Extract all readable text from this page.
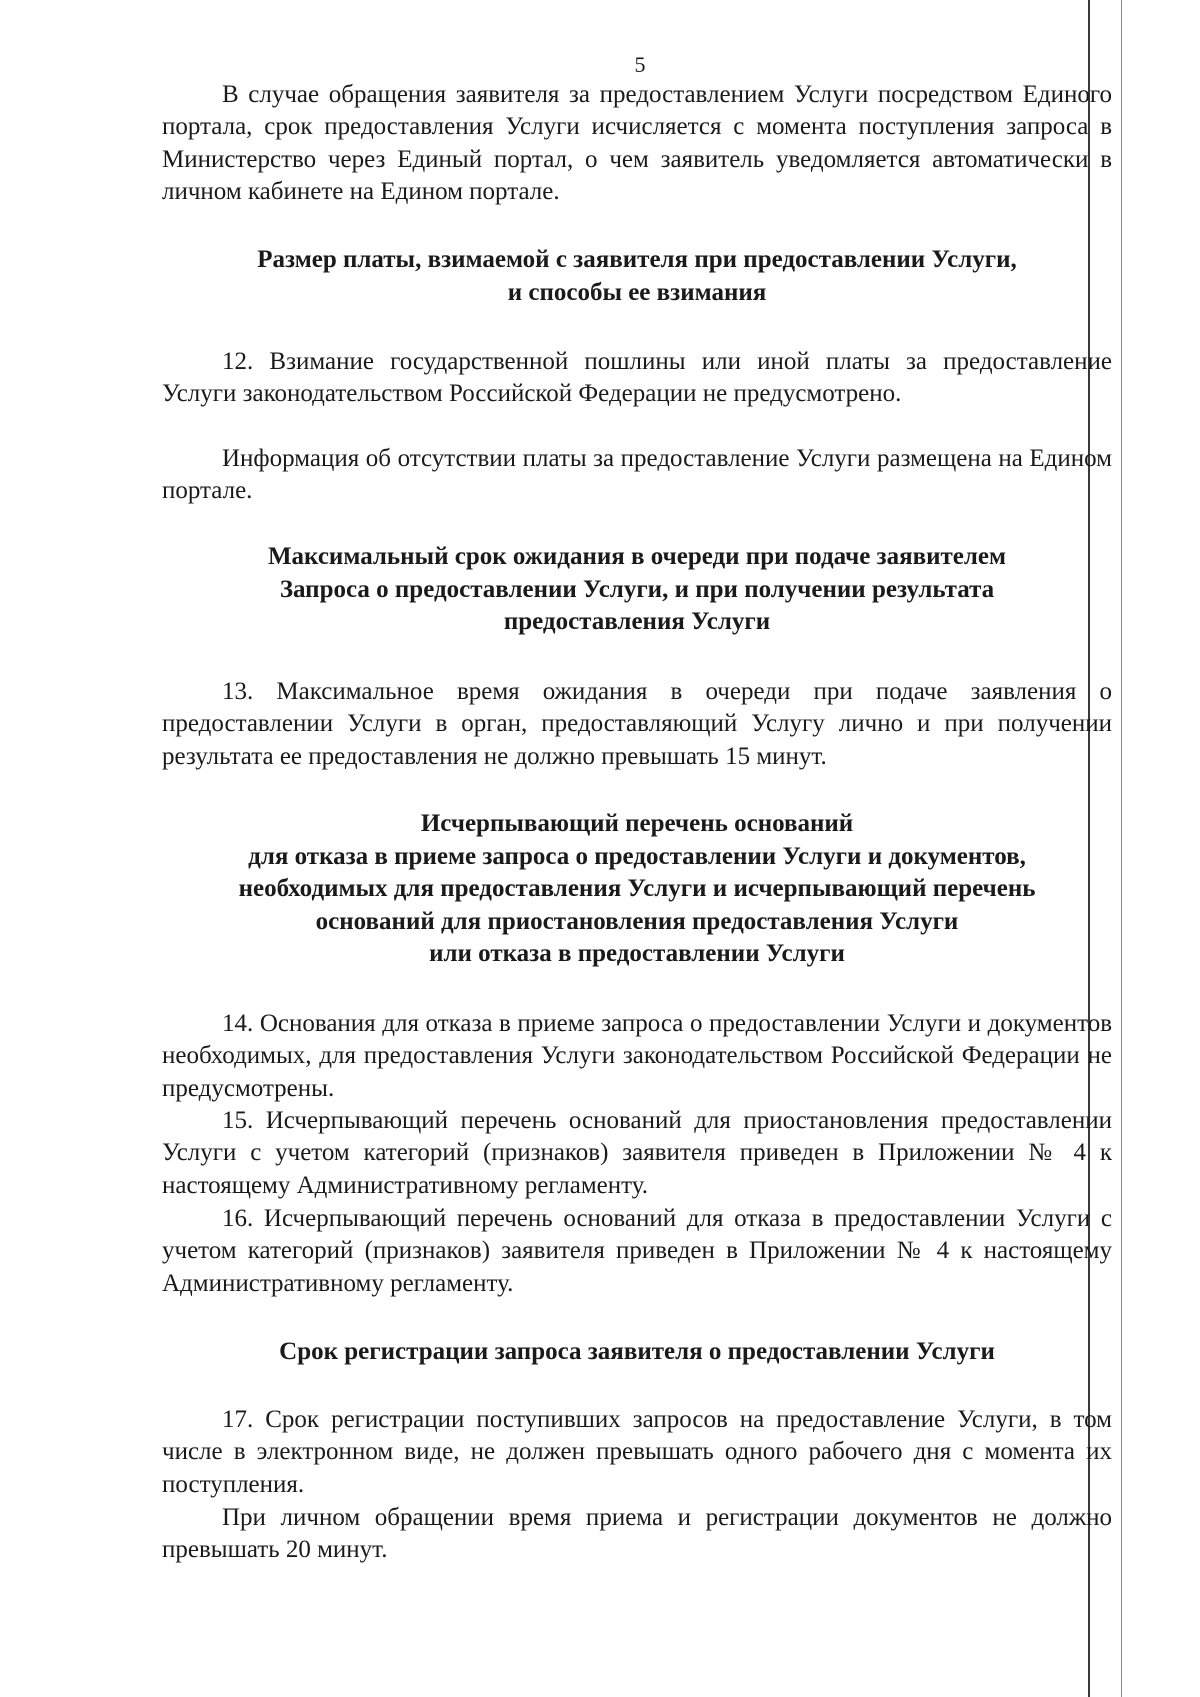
5

В случае обращения заявителя за предоставлением Услуги посредством Единого портала, срок предоставления Услуги исчисляется с момента поступления запроса в Министерство через Единый портал, о чем заявитель уведомляется автоматически в личном кабинете на Едином портале.

Размер платы, взимаемой с заявителя при предоставлении Услуги,
и способы ее взимания

12. Взимание государственной пошлины или иной платы за предоставление Услуги законодательством Российской Федерации не предусмотрено.

Информация об отсутствии платы за предоставление Услуги размещена на Едином портале.

Максимальный срок ожидания в очереди при подаче заявителем
Запроса о предоставлении Услуги, и при получении результата
предоставления Услуги

13. Максимальное время ожидания в очереди при подаче заявления о предоставлении Услуги в орган, предоставляющий Услугу лично и при получении результата ее предоставления не должно превышать 15 минут.

Исчерпывающий перечень оснований
для отказа в приеме запроса о предоставлении Услуги и документов,
необходимых для предоставления Услуги и исчерпывающий перечень
оснований для приостановления предоставления Услуги
или отказа в предоставлении Услуги

14. Основания для отказа в приеме запроса о предоставлении Услуги и документов необходимых, для предоставления Услуги законодательством Российской Федерации не предусмотрены.

15. Исчерпывающий перечень оснований для приостановления предоставлении Услуги с учетом категорий (признаков) заявителя приведен в Приложении № 4 к настоящему Административному регламенту.

16. Исчерпывающий перечень оснований для отказа в предоставлении Услуги с учетом категорий (признаков) заявителя приведен в Приложении № 4 к настоящему Административному регламенту.

Срок регистрации запроса заявителя о предоставлении Услуги

17. Срок регистрации поступивших запросов на предоставление Услуги, в том числе в электронном виде, не должен превышать одного рабочего дня с момента их поступления.

При личном обращении время приема и регистрации документов не должно превышать 20 минут.
